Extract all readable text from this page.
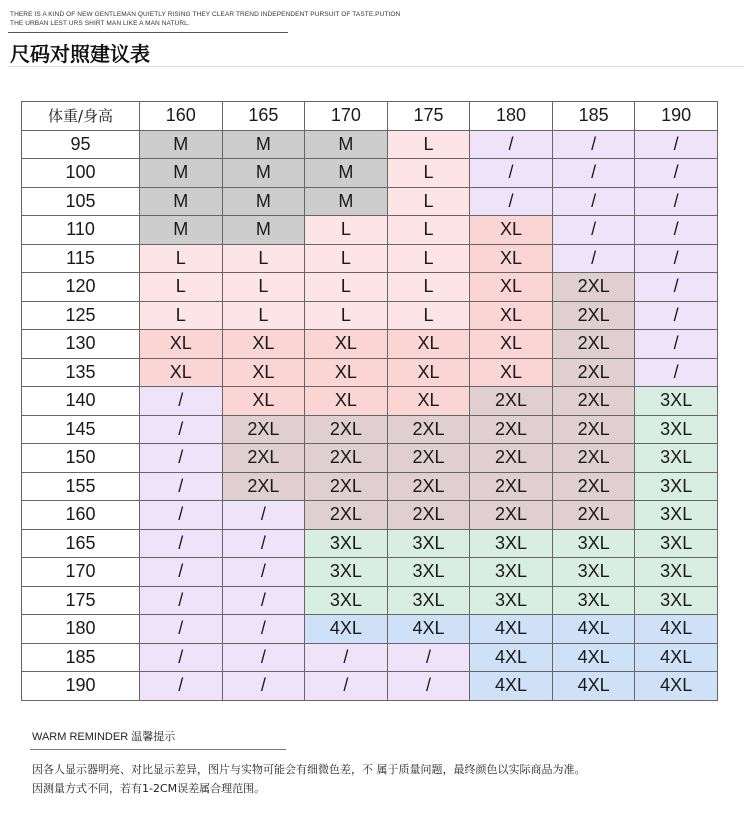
THERE IS A KIND OF NEW GENTLEMAN QUIETLY RISING THEY CLEAR TREND INDEPENDENT PURSUIT OF TASTE.PUTION
THE URBAN LEST URS SHIRT MAN LIKE A MAN NATURL.
尺码对照建议表
体重/身高	160	165	170	175	180	185	190
95	M	M	M	L	/	/	/
100	M	M	M	L	/	/	/
105	M	M	M	L	/	/	/
110	M	M	L	L	XL	/	/
115	L	L	L	L	XL	/	/
120	L	L	L	L	XL	2XL	/
125	L	L	L	L	XL	2XL	/
130	XL	XL	XL	XL	XL	2XL	/
135	XL	XL	XL	XL	XL	2XL	/
140	/	XL	XL	XL	2XL	2XL	3XL
145	/	2XL	2XL	2XL	2XL	2XL	3XL
150	/	2XL	2XL	2XL	2XL	2XL	3XL
155	/	2XL	2XL	2XL	2XL	2XL	3XL
160	/	/	2XL	2XL	2XL	2XL	3XL
165	/	/	3XL	3XL	3XL	3XL	3XL
170	/	/	3XL	3XL	3XL	3XL	3XL
175	/	/	3XL	3XL	3XL	3XL	3XL
180	/	/	4XL	4XL	4XL	4XL	4XL
185	/	/	/	/	4XL	4XL	4XL
190	/	/	/	/	4XL	4XL	4XL
WARM REMINDER 温馨提示
因各人显示器明亮、对比显示差异，图片与实物可能会有细微色差，不 属于质量问题，最终颜色以实际商品为准。
因测量方式不同，若有1-2CM误差属合理范围。
